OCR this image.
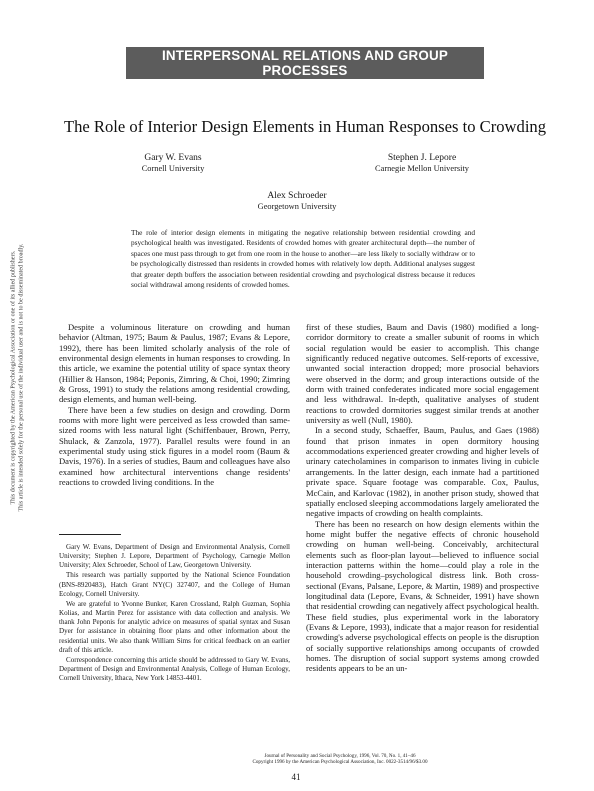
This document is copyrighted by the American Psychological Association or one of its allied publishers. This article is intended solely for the personal use of the individual user and is not to be disseminated broadly.
INTERPERSONAL RELATIONS AND GROUP
PROCESSES
The Role of Interior Design Elements in Human Responses to Crowding
Gary W. Evans
Cornell University
Stephen J. Lepore
Carnegie Mellon University
Alex Schroeder
Georgetown University
The role of interior design elements in mitigating the negative relationship between residential crowding and psychological health was investigated. Residents of crowded homes with greater architectural depth—the number of spaces one must pass through to get from one room in the house to another—are less likely to socially withdraw or to be psychologically distressed than residents in crowded homes with relatively low depth. Additional analyses suggest that greater depth buffers the association between residential crowding and psychological distress because it reduces social withdrawal among residents of crowded homes.

Despite a voluminous literature on crowding and human behavior (Altman, 1975; Baum & Paulus, 1987; Evans & Lepore, 1992), there has been limited scholarly analysis of the role of environmental design elements in human responses to crowding. In this article, we examine the potential utility of space syntax theory (Hillier & Hanson, 1984; Peponis, Zimring, & Choi, 1990; Zimring & Gross, 1991) to study the relations among residential crowding, design elements, and human well-being.

There have been a few studies on design and crowding. Dorm rooms with more light were perceived as less crowded than same-sized rooms with less natural light (Schiffenbauer, Brown, Perry, Shulack, & Zanzola, 1977). Parallel results were found in an experimental study using stick figures in a model room (Baum & Davis, 1976). In a series of studies, Baum and colleagues have also examined how architectural interventions change residents' reactions to crowded living conditions. In the

Gary W. Evans, Department of Design and Environmental Analysis, Cornell University; Stephen J. Lepore, Department of Psychology, Carnegie Mellon University; Alex Schroeder, School of Law, Georgetown University.

This research was partially supported by the National Science Foundation (BNS-8920483), Hatch Grant NY(C) 327407, and the College of Human Ecology, Cornell University.

We are grateful to Yvonne Bunker, Karen Crossland, Ralph Guzman, Sophia Kolias, and Martin Perez for assistance with data collection and analysis. We thank John Peponis for analytic advice on measures of spatial syntax and Susan Dyer for assistance in obtaining floor plans and other information about the residential units. We also thank William Sims for critical feedback on an earlier draft of this article.

Correspondence concerning this article should be addressed to Gary W. Evans, Department of Design and Environmental Analysis, College of Human Ecology, Cornell University, Ithaca, New York 14853-4401.

first of these studies, Baum and Davis (1980) modified a long-corridor dormitory to create a smaller subunit of rooms in which social regulation would be easier to accomplish. This change significantly reduced negative outcomes. Self-reports of excessive, unwanted social interaction dropped; more prosocial behaviors were observed in the dorm; and group interactions outside of the dorm with trained confederates indicated more social engagement and less withdrawal. In-depth, qualitative analyses of student reactions to crowded dormitories suggest similar trends at another university as well (Null, 1980).

In a second study, Schaeffer, Baum, Paulus, and Gaes (1988) found that prison inmates in open dormitory housing accommodations experienced greater crowding and higher levels of urinary catecholamines in comparison to inmates living in cubicle arrangements. In the latter design, each inmate had a partitioned private space. Square footage was comparable. Cox, Paulus, McCain, and Karlovac (1982), in another prison study, showed that spatially enclosed sleeping accommodations largely ameliorated the negative impacts of crowding on health complaints.

There has been no research on how design elements within the home might buffer the negative effects of chronic household crowding on human well-being. Conceivably, architectural elements such as floor-plan layout—believed to influence social interaction patterns within the home—could play a role in the household crowding–psychological distress link. Both cross-sectional (Evans, Palsane, Lepore, & Martin, 1989) and prospective longitudinal data (Lepore, Evans, & Schneider, 1991) have shown that residential crowding can negatively affect psychological health. These field studies, plus experimental work in the laboratory (Evans & Lepore, 1993), indicate that a major reason for residential crowding's adverse psychological effects on people is the disruption of socially supportive relationships among occupants of crowded homes. The disruption of social support systems among crowded residents appears to be an un-

Journal of Personality and Social Psychology, 1996, Vol. 70, No. 1, 41–46
Copyright 1996 by the American Psychological Association, Inc. 0022-3514/96/$3.00
41
